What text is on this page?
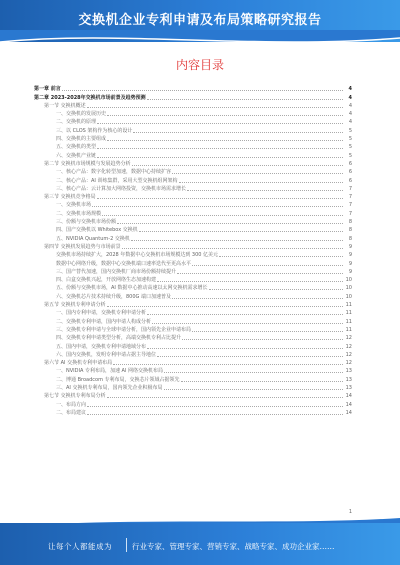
交换机企业专利申请及布局策略研究报告
内容目录
第一章 前言	4
第二章 2023-2028年交换机市场前景及趋势预测	4
第一节 交换机概述	4
一、交换机的发展历史	4
二、交换机的原理	4
三、以 CLOS 架构作为核心的设计	5
四、交换机的主要组成	5
五、交换机的类型	5
六、交换机产业链	5
第二节 交换机市场规模与发展趋势分析	6
一、核心产品：数字化转型加速，数据中心持续扩容	6
二、核心产品：AI 训练集群，采用大型交换机组网架构	6
三、核心产品：云计算加大网络投资，交换机市场需求增长	7
第三节 交换机竞争格局	7
一、交换机市场	7
二、交换机市场规模	7
三、份额与交换机市场份额	8
四、国产交换机以 Whitebox 交换机	8
五、NVIDIA Quantum-2 交换机	8
第四节 交换机发展趋势与市场前景	9
交换机市场持续扩大，2028 年数据中心交换机市场规模达到 300 亿美元	9
数据中心网络升级，数据中心交换机端口速率迭代至更高水平	9
三、国产替代加速，国内交换机厂商市场份额持续提升	9
四、白盒交换机兴起，开放网络生态加速构建	10
五、份额与交换机市场，AI 数据中心推动高速以太网交换机需求增长	10
六、交换机芯片技术持续升级，800G 端口加速普及	10
第五节 交换机专利申请分析	11
一、国内专利申请，交换机专利申请分析	11
二、交换机专利申请，国内申请人构成分析	11
三、交换机专利申请与全球申请分析，国内领先企业申请布局	11
四、交换机专利申请类型分析，高端交换机专利占比提升	12
五、国内申请，交换机专利申请地域分布	12
六、国内交换机，发明专利申请占据主导地位	12
第六节 AI 交换机专利申请布局	12
一、NVIDIA 专利布局，加速 AI 网络交换机布局	13
二、博通 Broadcom 专利布局，交换芯片领域占据领先	13
三、AI 交换机专利布局，国内领先企业积极布局	13
第七节 交换机专利布局分析	14
一、布局方向	14
二、布局建议	14
1
让每个人都能成为	行业专家、管理专家、营销专家、战略专家、成功企业家……
